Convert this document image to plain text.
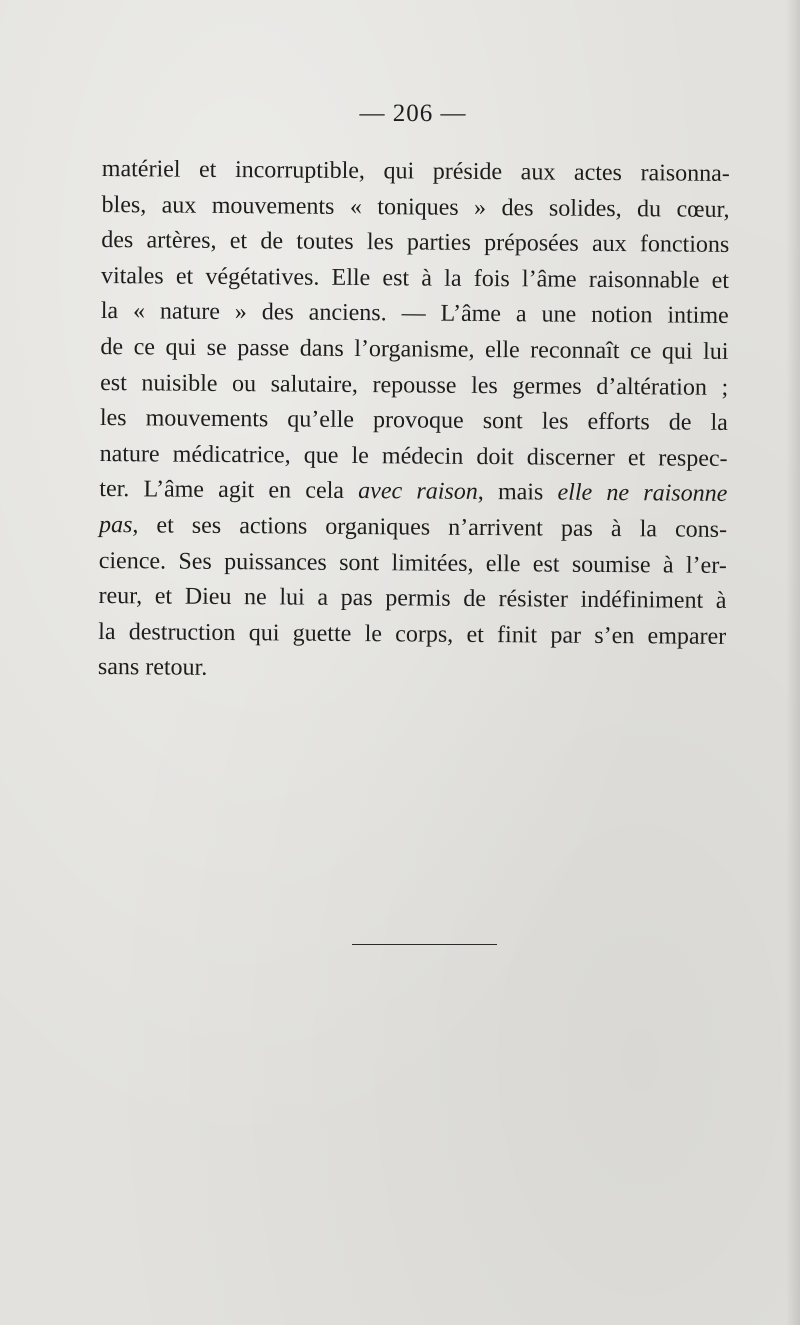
— 206 —
matériel et incorruptible, qui préside aux actes raisonna-
bles, aux mouvements « toniques » des solides, du cœur,
des artères, et de toutes les parties préposées aux fonctions
vitales et végétatives. Elle est à la fois l’âme raisonnable et
la « nature » des anciens. — L’âme a une notion intime
de ce qui se passe dans l’organisme, elle reconnaît ce qui lui
est nuisible ou salutaire, repousse les germes d’altération ;
les mouvements qu’elle provoque sont les efforts de la
nature médicatrice, que le médecin doit discerner et respec-
ter. L’âme agit en cela avec raison, mais elle ne raisonne
pas, et ses actions organiques n’arrivent pas à la cons-
cience. Ses puissances sont limitées, elle est soumise à l’er-
reur, et Dieu ne lui a pas permis de résister indéfiniment à
la destruction qui guette le corps, et finit par s’en emparer
sans retour.
